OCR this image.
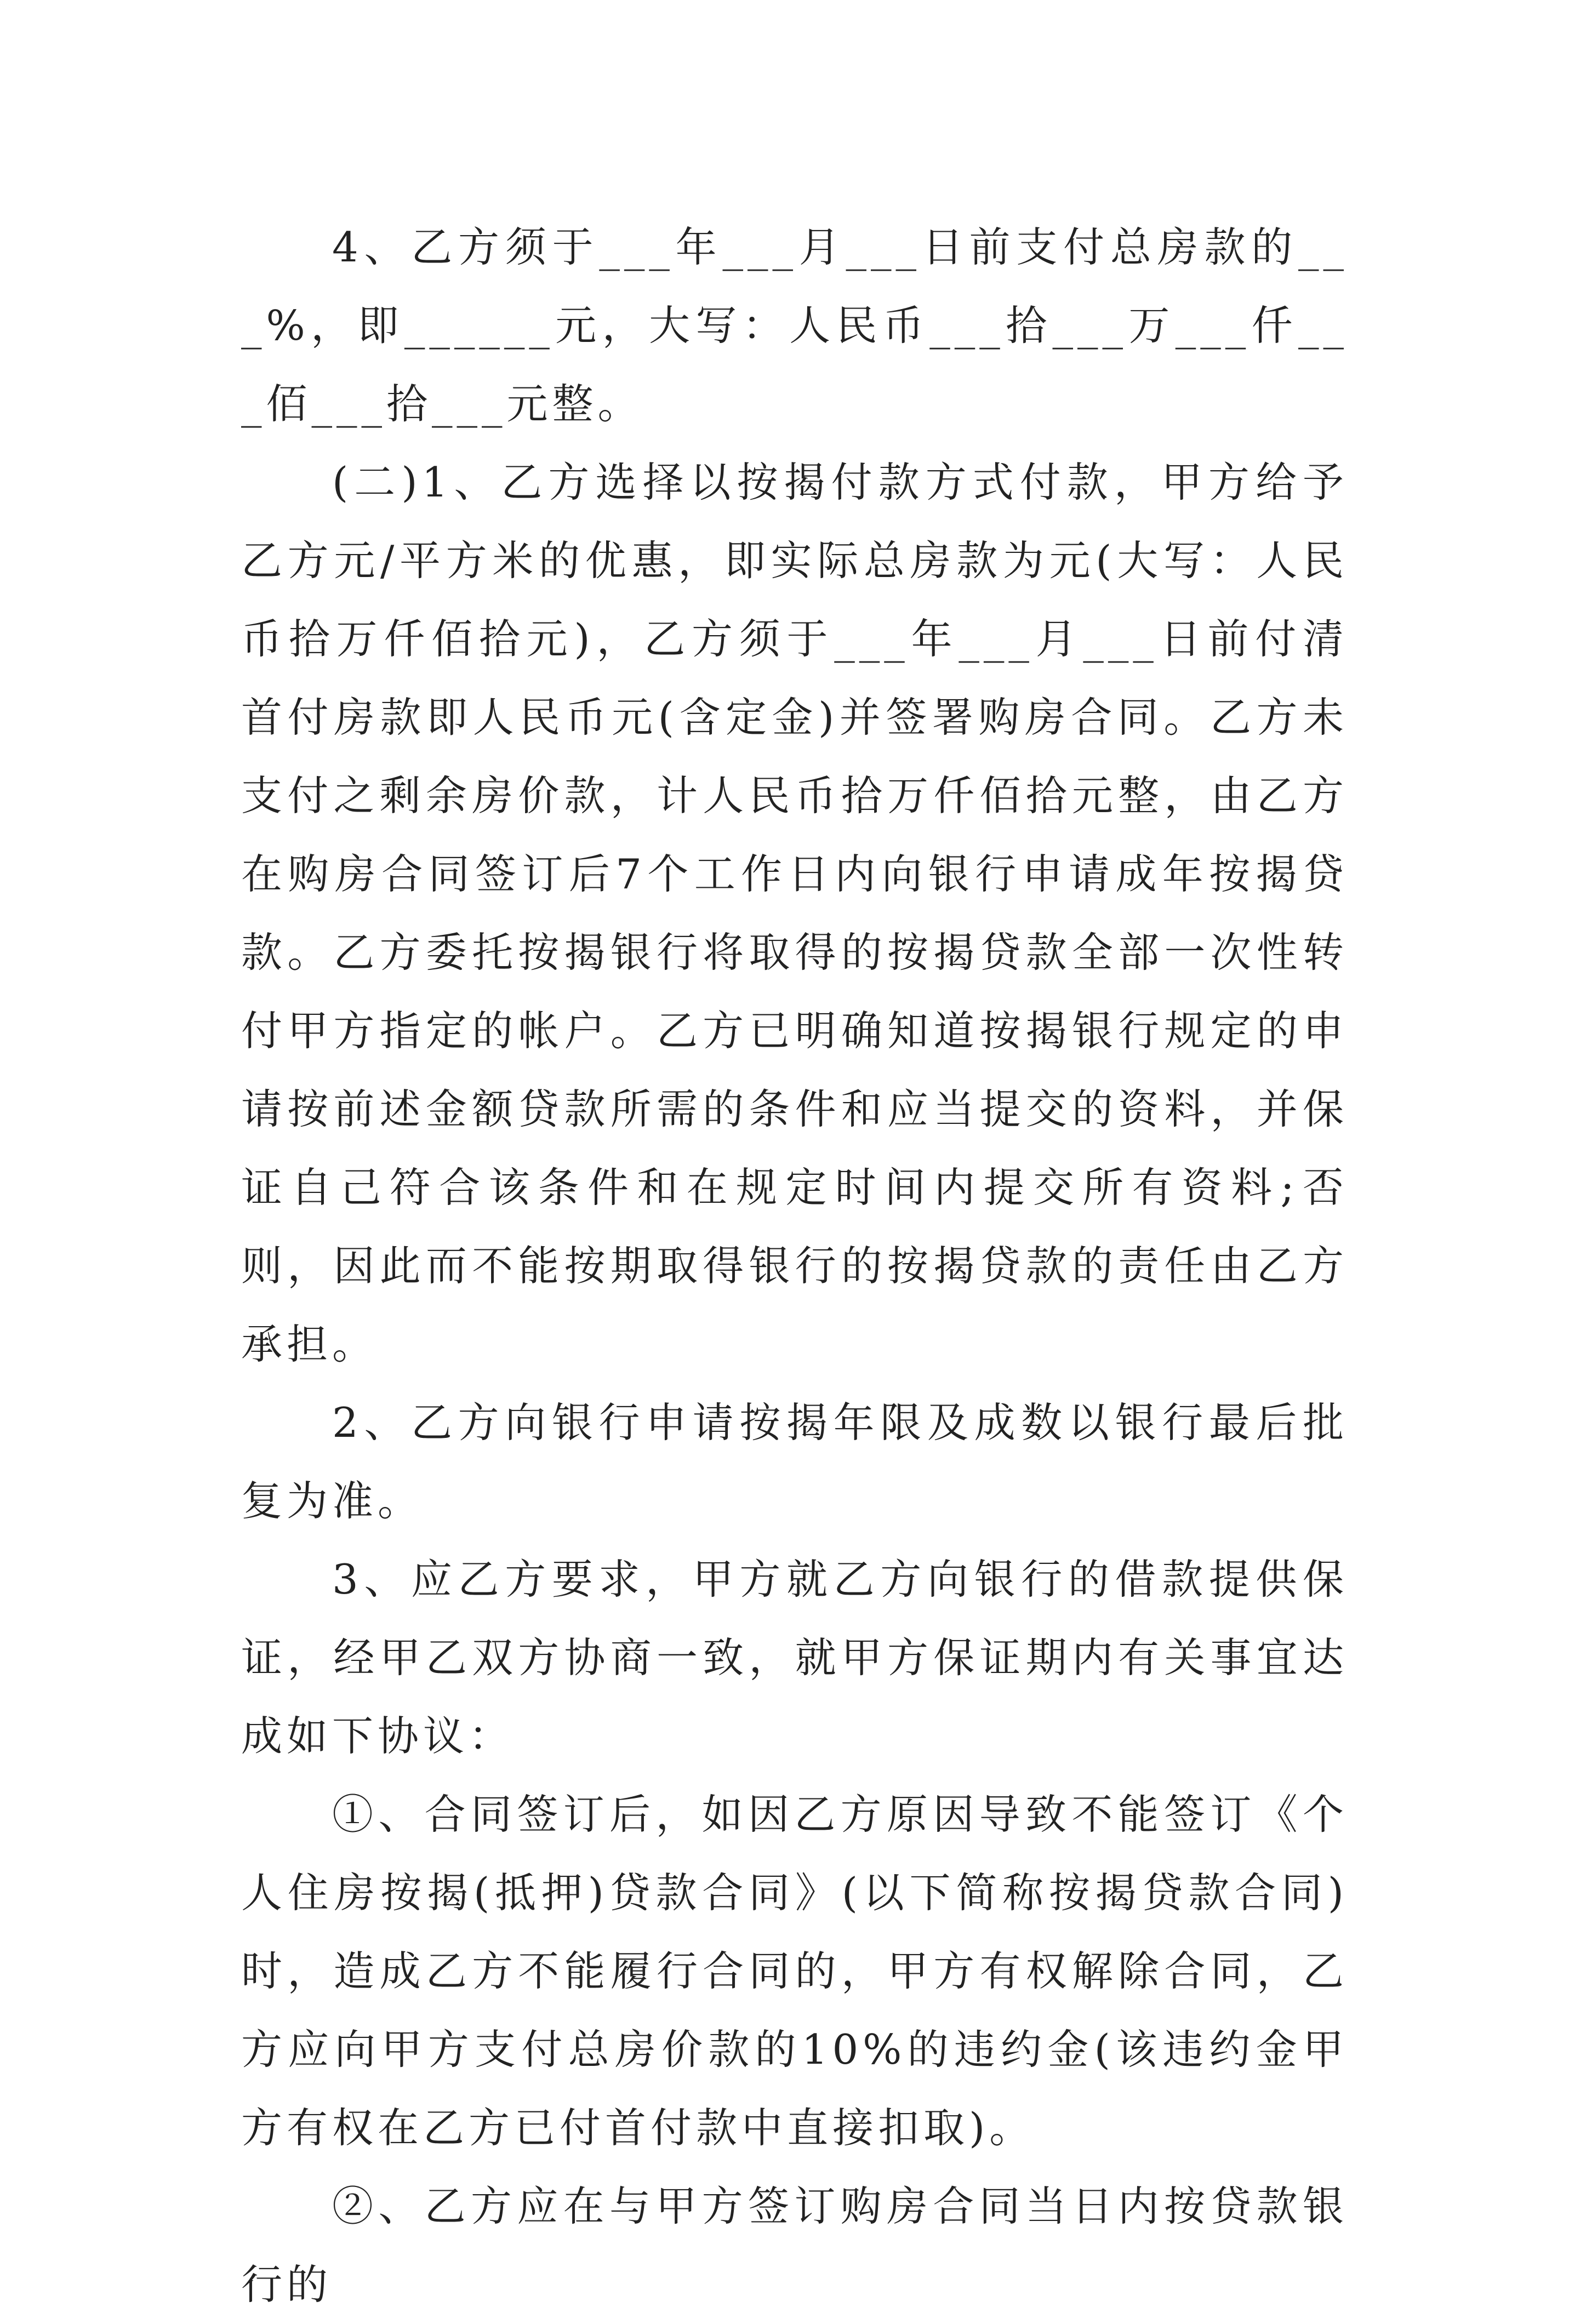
4、乙方须于___年___月___日前支付总房款的___%，即______元，大写：人民币___拾___万___仟___佰___拾___元整。

(二)1、乙方选择以按揭付款方式付款，甲方给予乙方元/平方米的优惠，即实际总房款为元(大写：人民币拾万仟佰拾元)，乙方须于___年___月___日前付清首付房款即人民币元(含定金)并签署购房合同。乙方未支付之剩余房价款，计人民币拾万仟佰拾元整，由乙方在购房合同签订后7个工作日内向银行申请成年按揭贷款。乙方委托按揭银行将取得的按揭贷款全部一次性转付甲方指定的帐户。乙方已明确知道按揭银行规定的申请按前述金额贷款所需的条件和应当提交的资料，并保证自己符合该条件和在规定时间内提交所有资料;否则，因此而不能按期取得银行的按揭贷款的责任由乙方承担。

2、乙方向银行申请按揭年限及成数以银行最后批复为准。

3、应乙方要求，甲方就乙方向银行的借款提供保证，经甲乙双方协商一致，就甲方保证期内有关事宜达成如下协议：

①、合同签订后，如因乙方原因导致不能签订《个人住房按揭(抵押)贷款合同》(以下简称按揭贷款合同)时，造成乙方不能履行合同的，甲方有权解除合同，乙方应向甲方支付总房价款的10%的违约金(该违约金甲方有权在乙方已付首付款中直接扣取)。

②、乙方应在与甲方签订购房合同当日内按贷款银行的
